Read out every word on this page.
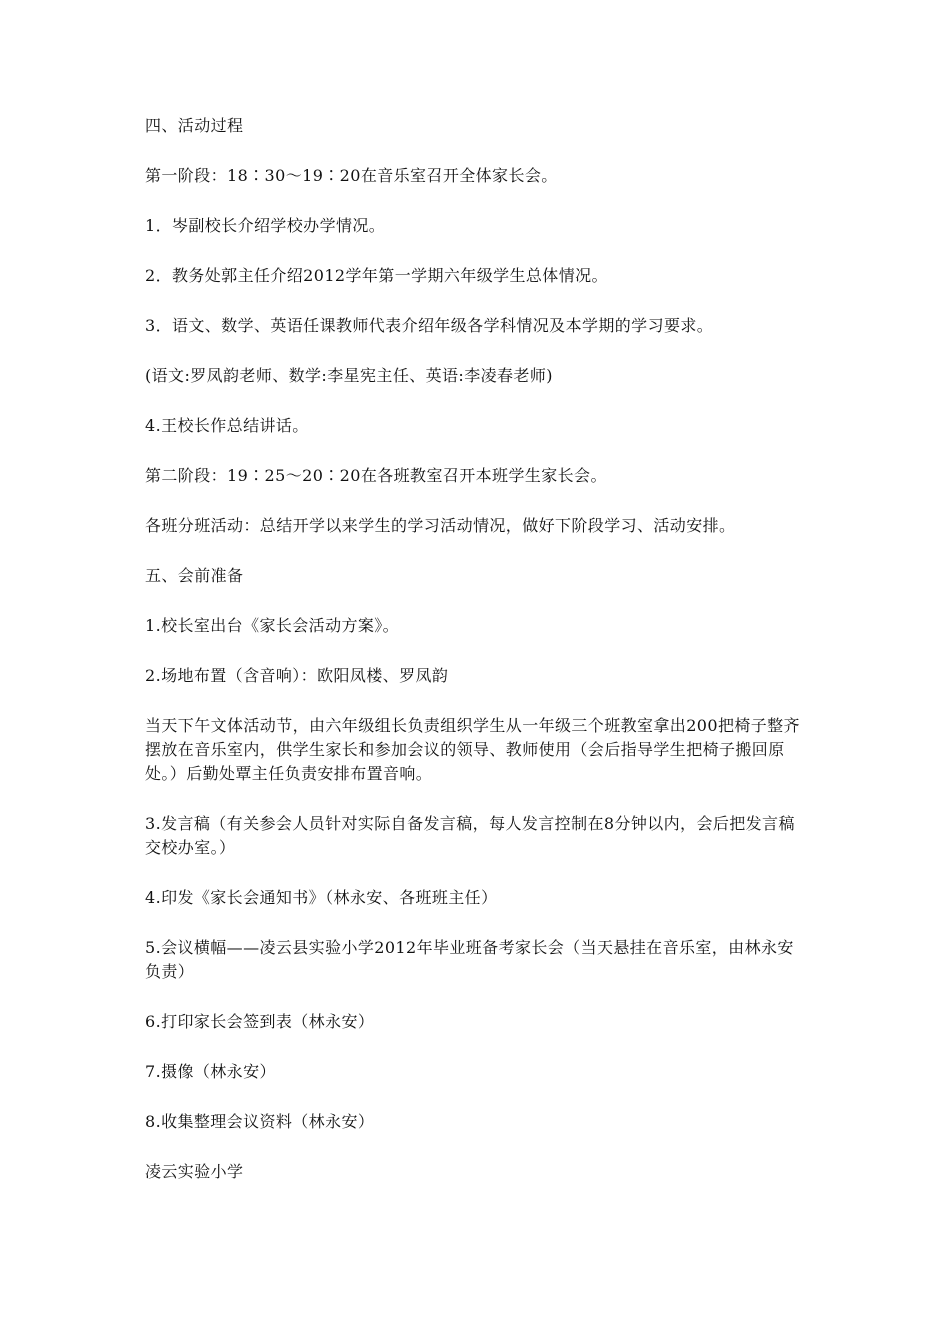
四、活动过程

第一阶段：18∶30～19∶20在音乐室召开全体家长会。

1．岑副校长介绍学校办学情况。

2．教务处郭主任介绍2012学年第一学期六年级学生总体情况。

3．语文、数学、英语任课教师代表介绍年级各学科情况及本学期的学习要求。

(语文:罗凤韵老师、数学:李星宪主任、英语:李凌春老师)

4.王校长作总结讲话。

第二阶段：19∶25～20∶20在各班教室召开本班学生家长会。

各班分班活动：总结开学以来学生的学习活动情况，做好下阶段学习、活动安排。

五、会前准备

1.校长室出台《家长会活动方案》。

2.场地布置（含音响）：欧阳凤楼、罗凤韵

当天下午文体活动节，由六年级组长负责组织学生从一年级三个班教室拿出200把椅子整齐摆放在音乐室内，供学生家长和参加会议的领导、教师使用（会后指导学生把椅子搬回原处。）后勤处覃主任负责安排布置音响。

3.发言稿（有关参会人员针对实际自备发言稿，每人发言控制在8分钟以内，会后把发言稿交校办室。）

4.印发《家长会通知书》（林永安、各班班主任）

5.会议横幅——凌云县实验小学2012年毕业班备考家长会（当天悬挂在音乐室，由林永安负责）

6.打印家长会签到表（林永安）

7.摄像（林永安）

8.收集整理会议资料（林永安）

凌云实验小学
